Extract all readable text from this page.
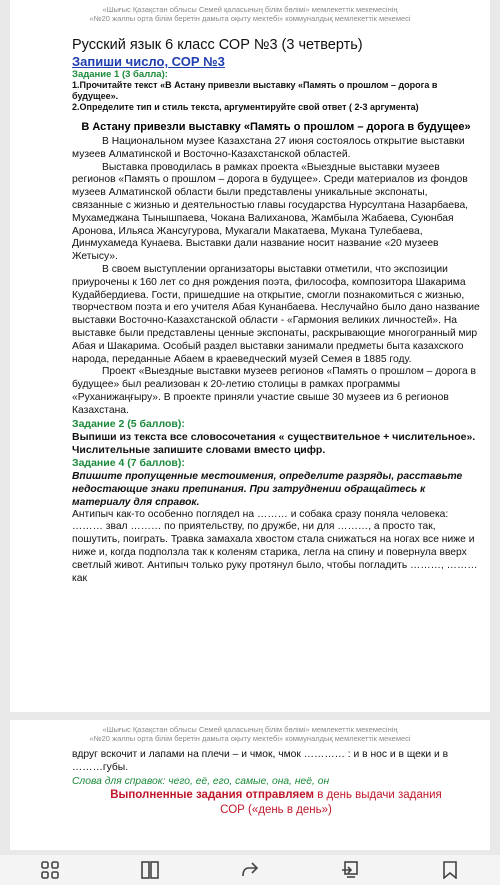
«Шығыс Қазақстан облысы Семей қаласының білім бөлімі» мемлекеттік мекемесінің
«№20 жалпы орта білім беретін дамыта оқыту мектебі» коммуналдық мемлекеттік мекемесі
Русский язык 6 класс СОР №3 (3 четверть)
Запиши число, СОР №3
Задание 1 (3 балла):
1.Прочитайте текст «В Астану привезли выставку «Память о прошлом – дорога в будущее».
2.Определите тип и стиль текста, аргументируйте свой ответ ( 2-3 аргумента)
В Астану привезли выставку «Память о прошлом – дорога в будущее»

В Национальном музее Казахстана 27 июня состоялось открытие выставки музеев Алматинской и Восточно-Казахстанской областей.

Выставка проводилась в рамках проекта «Выездные выставки музеев регионов «Память о прошлом – дорога в будущее». Среди материалов из фондов музеев Алматинской области были представлены уникальные экспонаты, связанные с жизнью и деятельностью главы государства Нурсултана Назарбаева, Мухамеджана Тынышпаева, Чокана Валиханова, Жамбыла Жабаева, Суюнбая Аронова, Ильяса Жансугурова, Мукагали Макатаева, Мукана Тулебаева, Динмухамеда Кунаева. Выставки дали название носит название «20 музеев Жетысу».

В своем выступлении организаторы выставки отметили, что экспозиции приурочены к 160 лет со дня рождения поэта, философа, композитора Шакарима Кудайбердиева. Гости, пришедшие на открытие, смогли познакомиться с жизнью, творчеством поэта и его учителя Абая Кунанбаева. Неслучайно было дано название выставки Восточно-Казахстанской области - «Гармония великих личностей». На выставке были представлены ценные экспонаты, раскрывающие многогранный мир Абая и Шакарима. Особый раздел выставки занимали предметы быта казахского народа, переданные Абаем в краеведческий музей Семея в 1885 году.

Проект «Выездные выставки музеев регионов «Память о прошлом – дорога в будущее» был реализован к 20-летию столицы в рамках программы «Руханижаңғыру». В проекте приняли участие свыше 30 музеев из 6 регионов Казахстана.

Задание 2 (5 баллов):
Выпиши из текста все словосочетания « существительное + числительное». Числительные запишите словами вместо цифр.
Задание 4 (7 баллов):
Впишите пропущенные местоимения, определите разряды, расставьте недостающие знаки препинания. При затруднении обращайтесь к материалу для справок.

Антипыч как-то особенно поглядел на ……… и собака сразу поняла человека: ……… звал ……… по приятельству, по дружбе, ни для ………, а просто так, пошутить, поиграть. Травка замахала хвостом стала снижаться на ногах все ниже и ниже и, когда подползла так к коленям старика, легла на спину и повернула вверх светлый живот. Антипыч только руку протянул было, чтобы погладить ………, ……… как

«Шығыс Қазақстан облысы Семей қаласының білім бөлімі» мемлекеттік мекемесінің
«№20 жалпы орта білім беретін дамыта оқыту мектебі» коммуналдық мемлекеттік мекемесі

вдруг вскочит и лапами на плечи – и чмок, чмок ………… : и в нос и в щеки и в ………губы.

Слова для справок: чего, её, его, самые, она, неё, он
Выполненные задания отправляем в день выдачи задания
СОР («день в день»)
